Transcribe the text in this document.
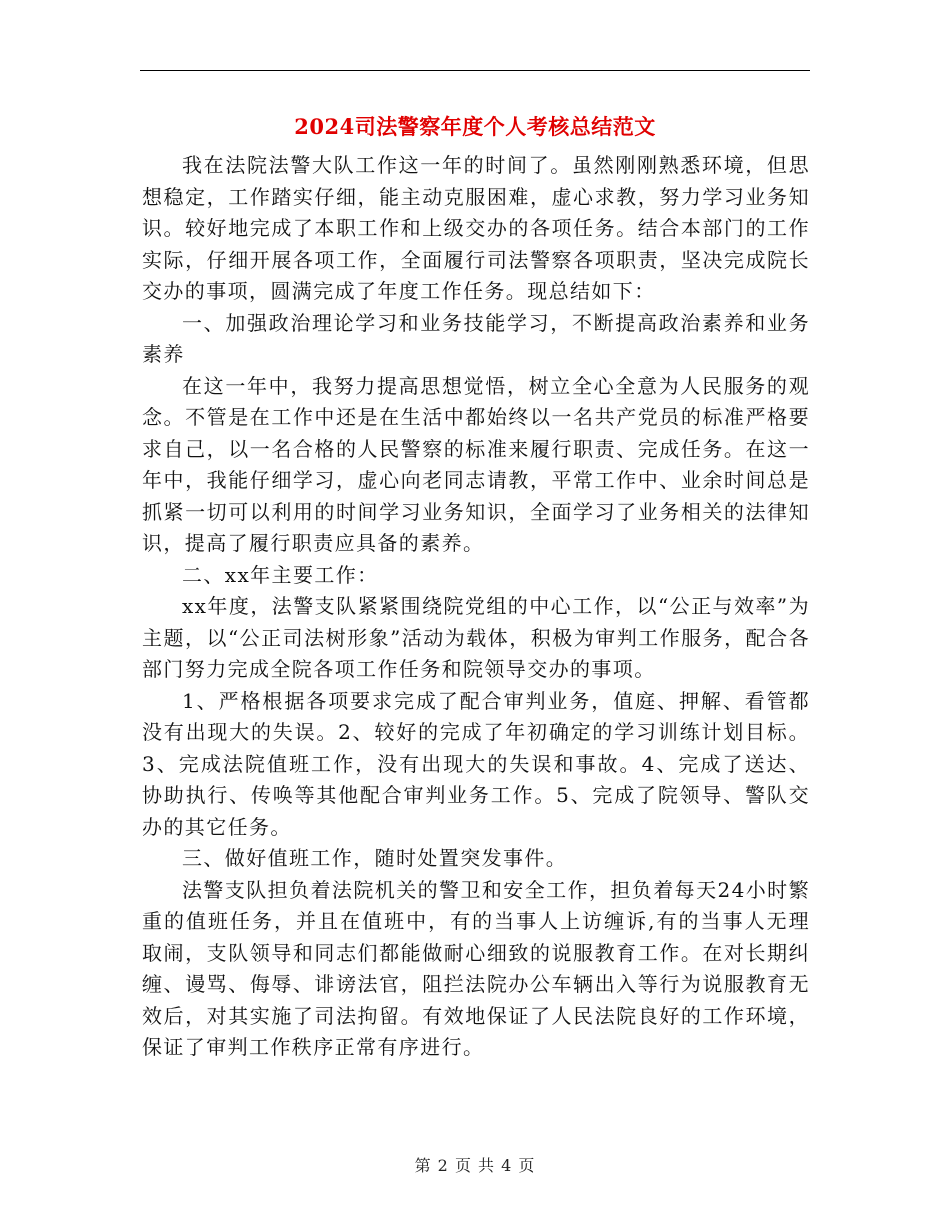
2024司法警察年度个人考核总结范文

我在法院法警大队工作这一年的时间了。虽然刚刚熟悉环境，但思想稳定，工作踏实仔细，能主动克服困难，虚心求教，努力学习业务知识。较好地完成了本职工作和上级交办的各项任务。结合本部门的工作实际，仔细开展各项工作，全面履行司法警察各项职责，坚决完成院长交办的事项，圆满完成了年度工作任务。现总结如下：

一、加强政治理论学习和业务技能学习，不断提高政治素养和业务素养

在这一年中，我努力提高思想觉悟，树立全心全意为人民服务的观念。不管是在工作中还是在生活中都始终以一名共产党员的标准严格要求自己，以一名合格的人民警察的标准来履行职责、完成任务。在这一年中，我能仔细学习，虚心向老同志请教，平常工作中、业余时间总是抓紧一切可以利用的时间学习业务知识，全面学习了业务相关的法律知识，提高了履行职责应具备的素养。

二、xx年主要工作：

xx年度，法警支队紧紧围绕院党组的中心工作，以“公正与效率”为主题，以“公正司法树形象”活动为载体，积极为审判工作服务，配合各部门努力完成全院各项工作任务和院领导交办的事项。

1、严格根据各项要求完成了配合审判业务，值庭、押解、看管都没有出现大的失误。2、较好的完成了年初确定的学习训练计划目标。3、完成法院值班工作，没有出现大的失误和事故。4、完成了送达、协助执行、传唤等其他配合审判业务工作。5、完成了院领导、警队交办的其它任务。

三、做好值班工作，随时处置突发事件。

法警支队担负着法院机关的警卫和安全工作，担负着每天24小时繁重的值班任务，并且在值班中，有的当事人上访缠诉,有的当事人无理取闹，支队领导和同志们都能做耐心细致的说服教育工作。在对长期纠缠、谩骂、侮辱、诽谤法官，阻拦法院办公车辆出入等行为说服教育无效后，对其实施了司法拘留。有效地保证了人民法院良好的工作环境，保证了审判工作秩序正常有序进行。

第 2 页 共 4 页
